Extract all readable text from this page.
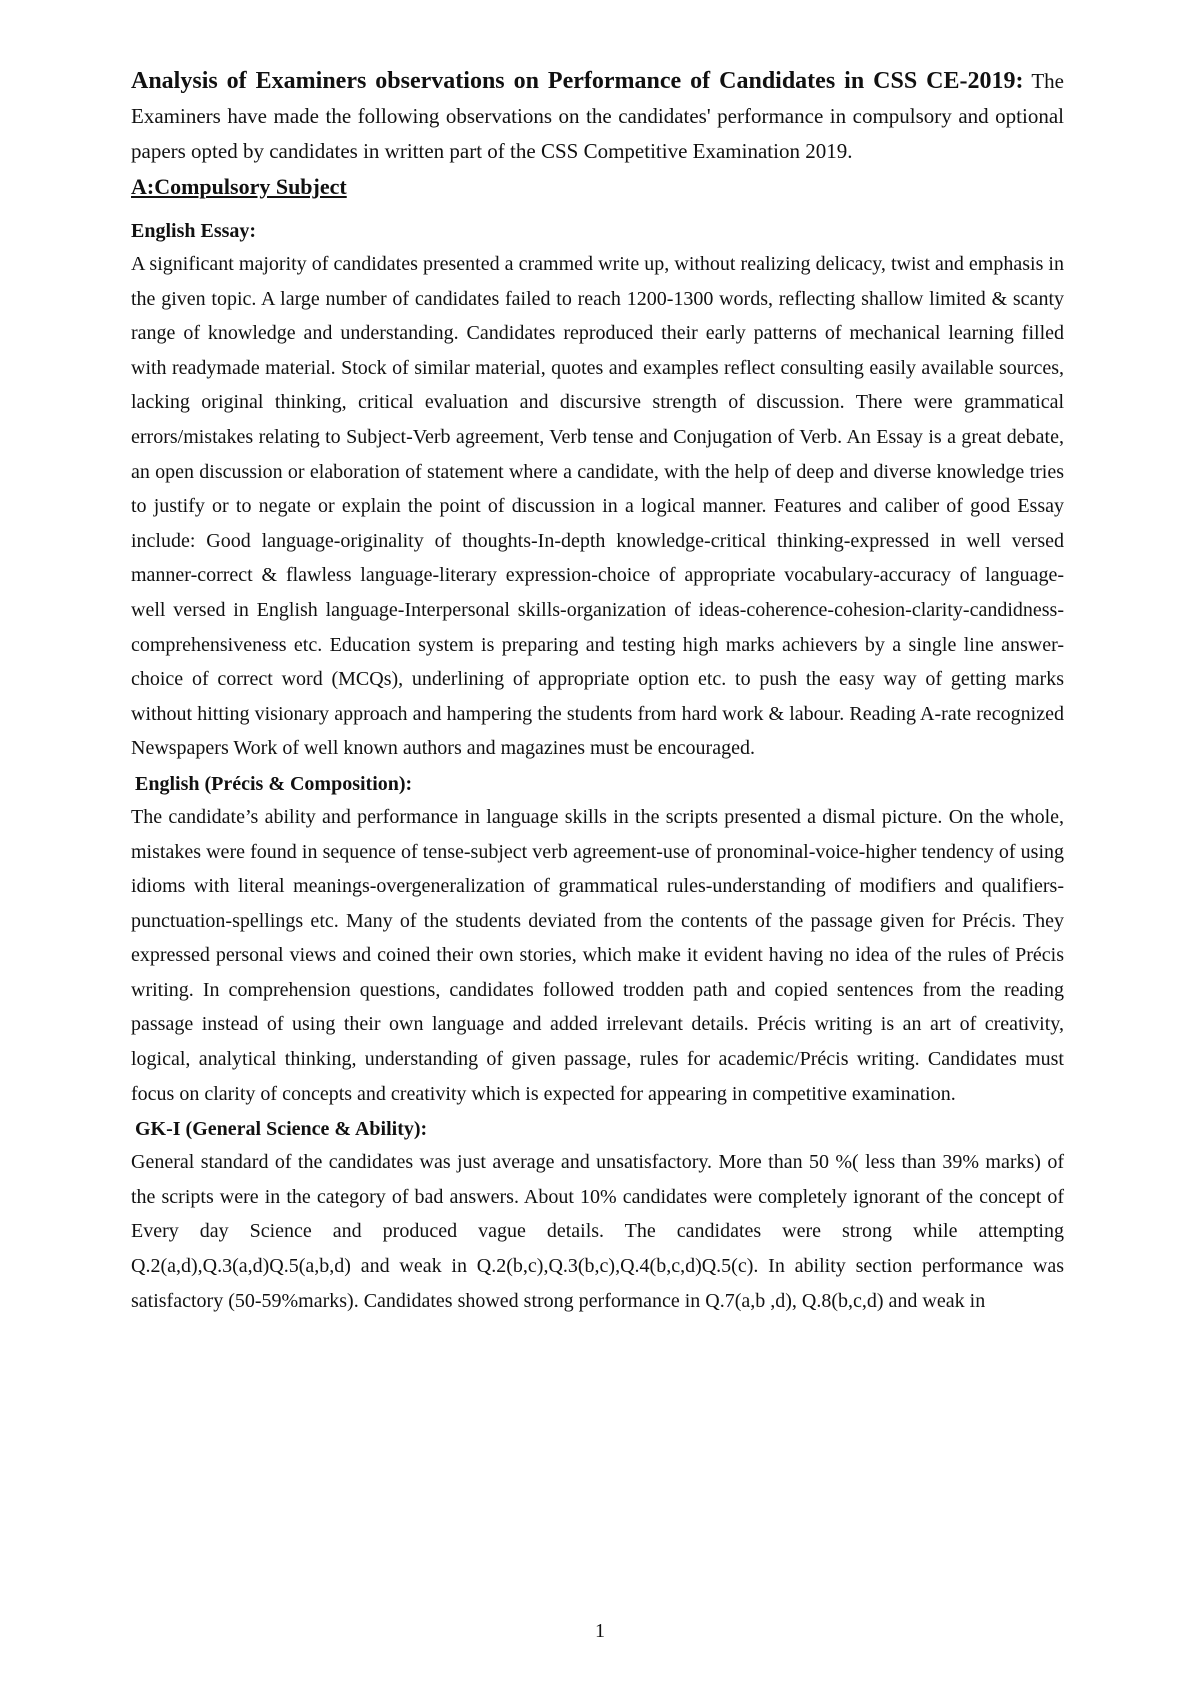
Analysis of Examiners observations on Performance of Candidates in CSS CE-2019: The Examiners have made the following observations on the candidates' performance in compulsory and optional papers opted by candidates in written part of the CSS Competitive Examination 2019.

A:Compulsory Subject
English Essay:

A significant majority of candidates presented a crammed write up, without realizing delicacy, twist and emphasis in the given topic. A large number of candidates failed to reach 1200-1300 words, reflecting shallow limited & scanty range of knowledge and understanding. Candidates reproduced their early patterns of mechanical learning filled with readymade material. Stock of similar material, quotes and examples reflect consulting easily available sources, lacking original thinking, critical evaluation and discursive strength of discussion. There were grammatical errors/mistakes relating to Subject-Verb agreement, Verb tense and Conjugation of Verb. An Essay is a great debate, an open discussion or elaboration of statement where a candidate, with the help of deep and diverse knowledge tries to justify or to negate or explain the point of discussion in a logical manner. Features and caliber of good Essay include: Good language-originality of thoughts-In-depth knowledge-critical thinking-expressed in well versed manner-correct & flawless language-literary expression-choice of appropriate vocabulary-accuracy of language-well versed in English language-Interpersonal skills-organization of ideas-coherence-cohesion-clarity-candidness-comprehensiveness etc. Education system is preparing and testing high marks achievers by a single line answer-choice of correct word (MCQs), underlining of appropriate option etc. to push the easy way of getting marks without hitting visionary approach and hampering the students from hard work & labour. Reading A-rate recognized Newspapers Work of well known authors and magazines must be encouraged.

English (Précis & Composition):

The candidate’s ability and performance in language skills in the scripts presented a dismal picture. On the whole, mistakes were found in sequence of tense-subject verb agreement-use of pronominal-voice-higher tendency of using idioms with literal meanings-overgeneralization of grammatical rules-understanding of modifiers and qualifiers-punctuation-spellings etc. Many of the students deviated from the contents of the passage given for Précis. They expressed personal views and coined their own stories, which make it evident having no idea of the rules of Précis writing. In comprehension questions, candidates followed trodden path and copied sentences from the reading passage instead of using their own language and added irrelevant details. Précis writing is an art of creativity, logical, analytical thinking, understanding of given passage, rules for academic/Précis writing. Candidates must focus on clarity of concepts and creativity which is expected for appearing in competitive examination.

GK-I (General Science & Ability):

General standard of the candidates was just average and unsatisfactory. More than 50 %( less than 39% marks) of the scripts were in the category of bad answers. About 10% candidates were completely ignorant of the concept of Every day Science and produced vague details. The candidates were strong while attempting Q.2(a,d),Q.3(a,d)Q.5(a,b,d) and weak in Q.2(b,c),Q.3(b,c),Q.4(b,c,d)Q.5(c). In ability section performance was satisfactory (50-59%marks). Candidates showed strong performance in Q.7(a,b ,d), Q.8(b,c,d) and weak in

1
